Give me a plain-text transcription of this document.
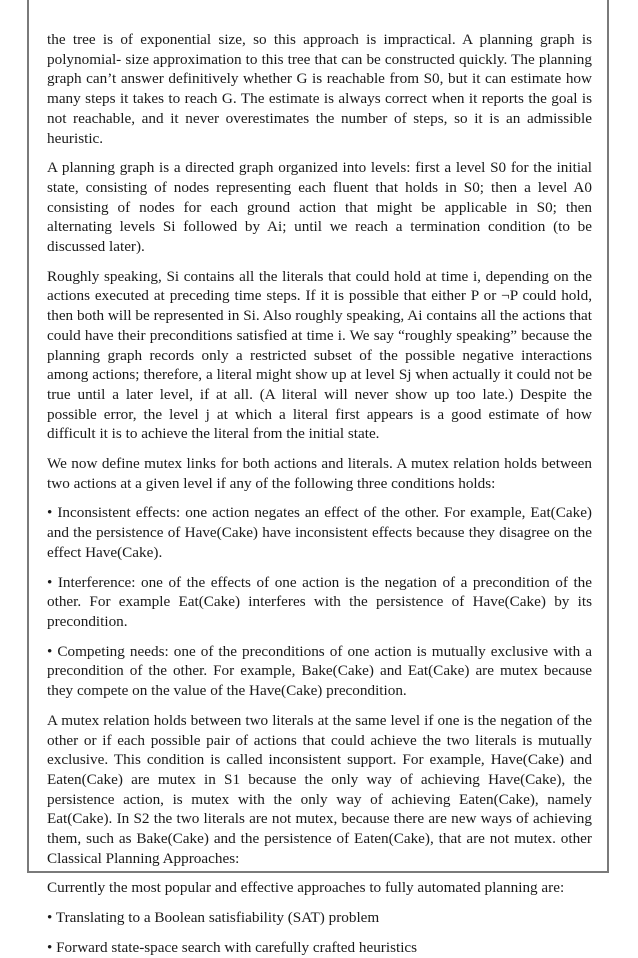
the tree is of exponential size, so this approach is impractical. A planning graph is polynomial- size approximation to this tree that can be constructed quickly. The planning graph can’t answer definitively whether G is reachable from S0, but it can estimate how many steps it takes to reach G. The estimate is always correct when it reports the goal is not reachable, and it never overestimates the number of steps, so it is an admissible heuristic.

A planning graph is a directed graph organized into levels: first a level S0 for the initial state, consisting of nodes representing each fluent that holds in S0; then a level A0 consisting of nodes for each ground action that might be applicable in S0; then alternating levels Si followed by Ai; until we reach a termination condition (to be discussed later).

Roughly speaking, Si contains all the literals that could hold at time i, depending on the actions executed at preceding time steps. If it is possible that either P or ¬P could hold, then both will be represented in Si. Also roughly speaking, Ai contains all the actions that could have their preconditions satisfied at time i. We say “roughly speaking” because the planning graph records only a restricted subset of the possible negative interactions among actions; therefore, a literal might show up at level Sj when actually it could not be true until a later level, if at all. (A literal will never show up too late.) Despite the possible error, the level j at which a literal first appears is a good estimate of how difficult it is to achieve the literal from the initial state.

We now define mutex links for both actions and literals. A mutex relation holds between two actions at a given level if any of the following three conditions holds:

• Inconsistent effects: one action negates an effect of the other. For example, Eat(Cake) and the persistence of Have(Cake) have inconsistent effects because they disagree on the effect Have(Cake).

• Interference: one of the effects of one action is the negation of a precondition of the other. For example Eat(Cake) interferes with the persistence of Have(Cake) by its precondition.

• Competing needs: one of the preconditions of one action is mutually exclusive with a precondition of the other. For example, Bake(Cake) and Eat(Cake) are mutex because they compete on the value of the Have(Cake) precondition.

A mutex relation holds between two literals at the same level if one is the negation of the other or if each possible pair of actions that could achieve the two literals is mutually exclusive. This condition is called inconsistent support. For example, Have(Cake) and Eaten(Cake) are mutex in S1 because the only way of achieving Have(Cake), the persistence action, is mutex with the only way of achieving Eaten(Cake), namely Eat(Cake). In S2 the two literals are not mutex, because there are new ways of achieving them, such as Bake(Cake) and the persistence of Eaten(Cake), that are not mutex. other Classical Planning Approaches:

Currently the most popular and effective approaches to fully automated planning are:

• Translating to a Boolean satisfiability (SAT) problem

• Forward state-space search with carefully crafted heuristics
